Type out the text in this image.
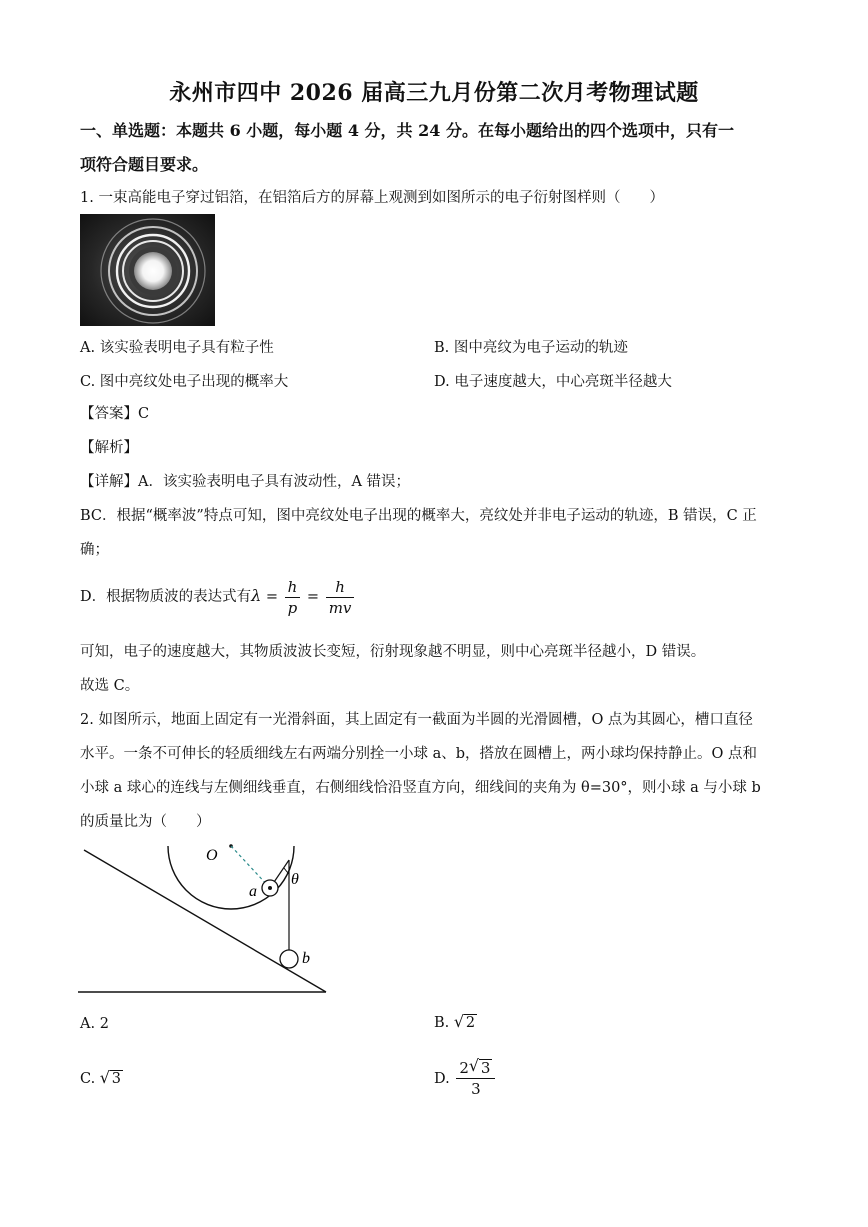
永州市四中 2026 届高三九月份第二次月考物理试题
一、单选题：本题共 6 小题，每小题 4 分，共 24 分。在每小题给出的四个选项中，只有一
项符合题目要求。
1. 一束高能电子穿过铝箔，在铝箔后方的屏幕上观测到如图所示的电子衍射图样则（　　）
A. 该实验表明电子具有粒子性	B. 图中亮纹为电子运动的轨迹
C. 图中亮纹处电子出现的概率大	D. 电子速度越大，中心亮斑半径越大
【答案】C
【解析】
【详解】A．该实验表明电子具有波动性，A 错误；
BC．根据“概率波”特点可知，图中亮纹处电子出现的概率大，亮纹处并非电子运动的轨迹，B 错误，C 正
确；
D．根据物质波的表达式有$\lambda = \frac{h}{p} = \frac{h}{mv}$
可知，电子的速度越大，其物质波波长变短，衍射现象越不明显，则中心亮斑半径越小，D 错误。
故选 C。
2. 如图所示，地面上固定有一光滑斜面，其上固定有一截面为半圆的光滑圆槽，O 点为其圆心，槽口直径
水平。一条不可伸长的轻质细线左右两端分别拴一小球 a、b，搭放在圆槽上，两小球均保持静止。O 点和
小球 a 球心的连线与左侧细线垂直，右侧细线恰沿竖直方向，细线间的夹角为 θ=30°，则小球 a 与小球 b
的质量比为（　　）
O
a
θ
b
A. 2	B. √ 2
C. √ 3	D. $\frac{2 √ 3}{3}$
